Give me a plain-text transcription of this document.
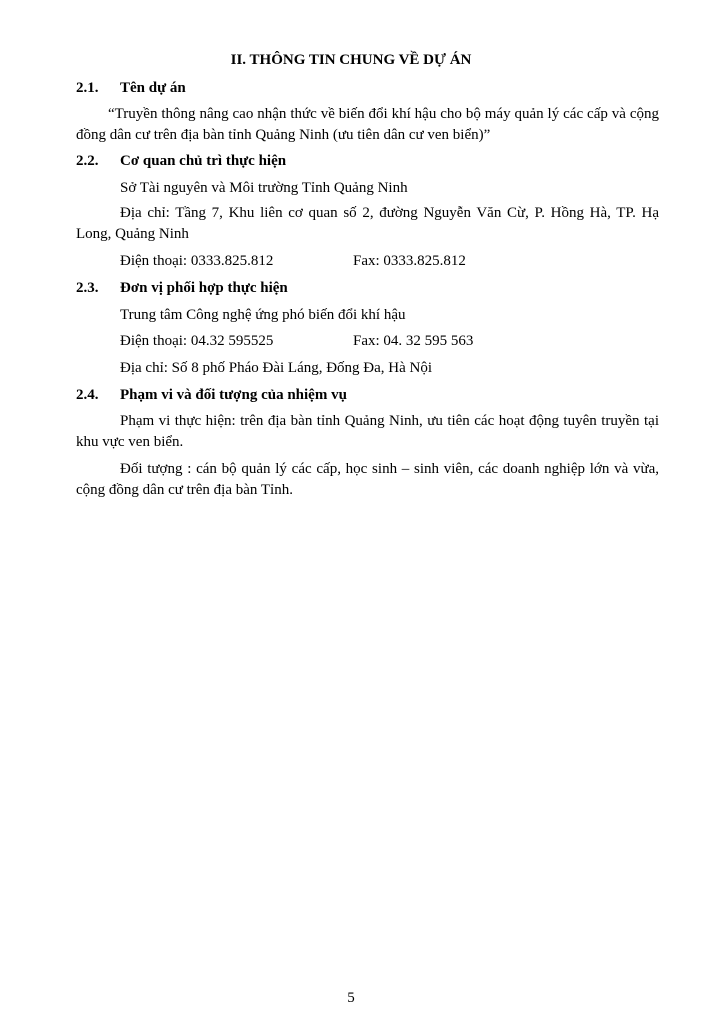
II. THÔNG TIN CHUNG VỀ DỰ ÁN
2.1. Tên dự án
“Truyền thông nâng cao nhận thức về biến đổi khí hậu cho bộ máy quản lý các cấp và cộng đồng dân cư trên địa bàn tỉnh Quảng Ninh (ưu tiên dân cư ven biển)”
2.2. Cơ quan chủ trì thực hiện
Sở Tài nguyên và Môi trường Tỉnh Quảng Ninh
Địa chỉ: Tầng 7, Khu liên cơ quan số 2, đường Nguyễn Văn Cừ, P. Hồng Hà, TP. Hạ Long, Quảng Ninh
Điện thoại: 0333.825.812	Fax: 0333.825.812
2.3. Đơn vị phối hợp thực hiện
Trung tâm Công nghệ ứng phó biến đổi khí hậu
Điện thoại: 04.32 595525	Fax: 04. 32 595 563
Địa chỉ: Số 8 phố Pháo Đài Láng, Đống Đa, Hà Nội
2.4. Phạm vi và đối tượng của nhiệm vụ
Phạm vi thực hiện: trên địa bàn tỉnh Quảng Ninh, ưu tiên các hoạt động tuyên truyền tại khu vực ven biển.
Đối tượng : cán bộ quản lý các cấp, học sinh – sinh viên, các doanh nghiệp lớn và vừa, cộng đồng dân cư trên địa bàn Tỉnh.
5
